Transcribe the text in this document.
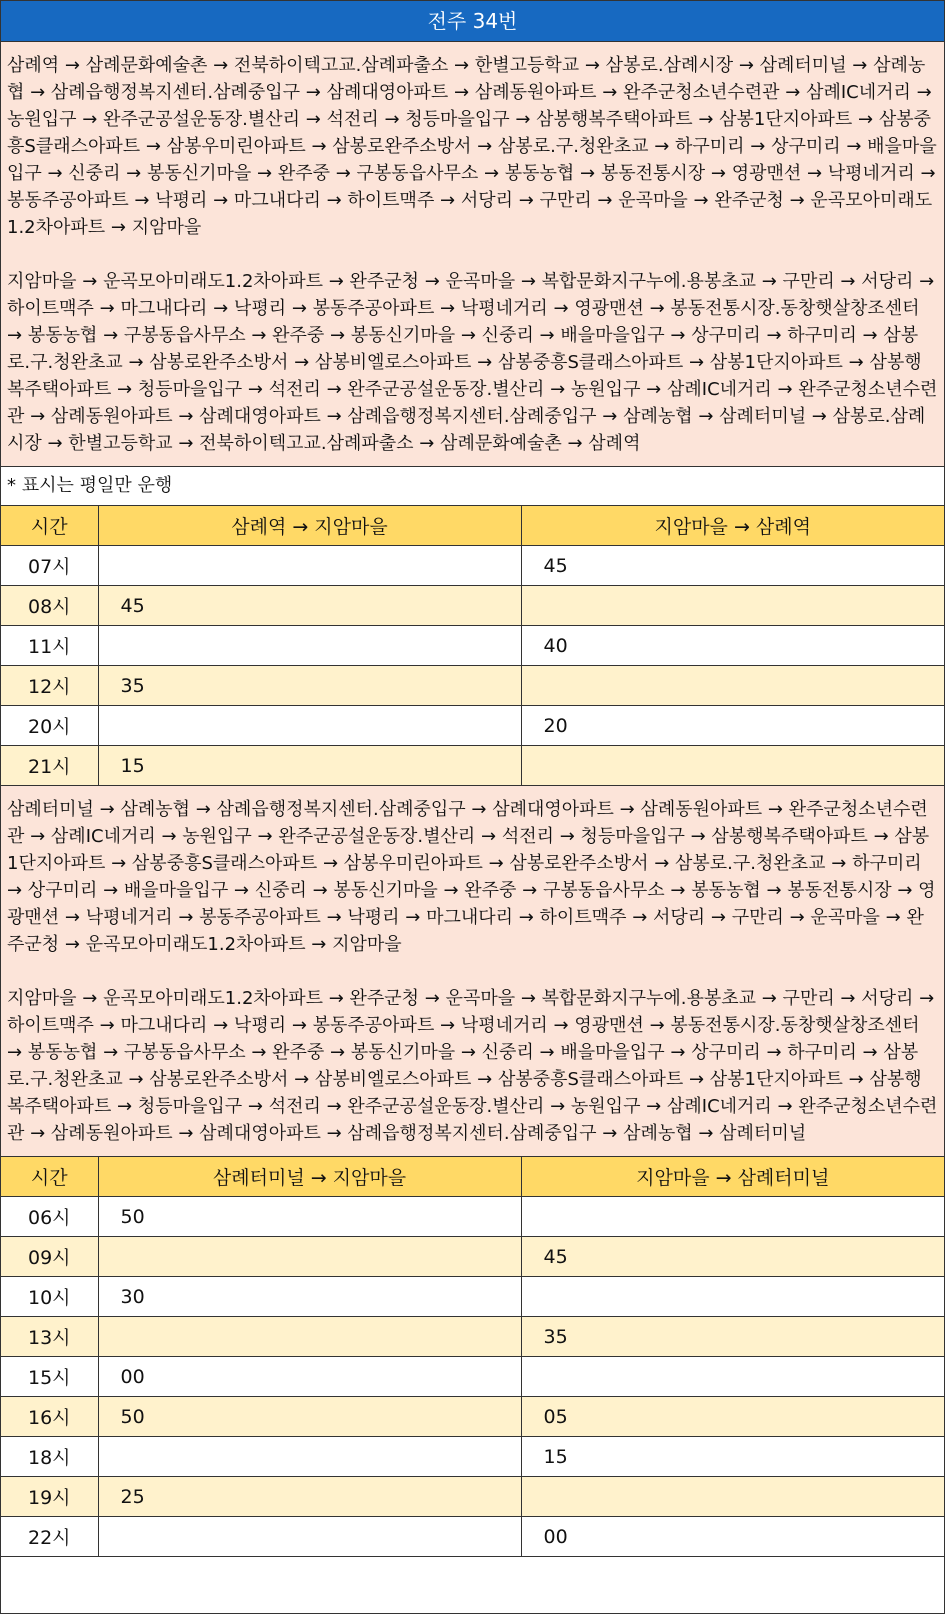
전주 34번

삼례역 → 삼례문화예술촌 → 전북하이텍고교.삼례파출소 → 한별고등학교 → 삼봉로.삼례시장 → 삼례터미널 → 삼례농협 → 삼례읍행정복지센터.삼례중입구 → 삼례대영아파트 → 삼례동원아파트 → 완주군청소년수련관 → 삼례IC네거리 → 농원입구 → 완주군공설운동장.별산리 → 석전리 → 청등마을입구 → 삼봉행복주택아파트 → 삼봉1단지아파트 → 삼봉중흥S클래스아파트 → 삼봉우미린아파트 → 삼봉로완주소방서 → 삼봉로.구.청완초교 → 하구미리 → 상구미리 → 배을마을입구 → 신중리 → 봉동신기마을 → 완주중 → 구봉동읍사무소 → 봉동농협 → 봉동전통시장 → 영광맨션 → 낙평네거리 → 봉동주공아파트 → 낙평리 → 마그내다리 → 하이트맥주 → 서당리 → 구만리 → 운곡마을 → 완주군청 → 운곡모아미래도1.2차아파트 → 지암마을

지암마을 → 운곡모아미래도1.2차아파트 → 완주군청 → 운곡마을 → 복합문화지구누에.용봉초교 → 구만리 → 서당리 → 하이트맥주 → 마그내다리 → 낙평리 → 봉동주공아파트 → 낙평네거리 → 영광맨션 → 봉동전통시장.동창햇살창조센터 → 봉동농협 → 구봉동읍사무소 → 완주중 → 봉동신기마을 → 신중리 → 배을마을입구 → 상구미리 → 하구미리 → 삼봉로.구.청완초교 → 삼봉로완주소방서 → 삼봉비엘로스아파트 → 삼봉중흥S클래스아파트 → 삼봉1단지아파트 → 삼봉행복주택아파트 → 청등마을입구 → 석전리 → 완주군공설운동장.별산리 → 농원입구 → 삼례IC네거리 → 완주군청소년수련관 → 삼례동원아파트 → 삼례대영아파트 → 삼례읍행정복지센터.삼례중입구 → 삼례농협 → 삼례터미널 → 삼봉로.삼례시장 → 한별고등학교 → 전북하이텍고교.삼례파출소 → 삼례문화예술촌 → 삼례역

* 표시는 평일만 운행
시간	삼례역 → 지암마을	지암마을 → 삼례역
07시		45
08시	45	
11시		40
12시	35	
20시		20
21시	15	

삼례터미널 → 삼례농협 → 삼례읍행정복지센터.삼례중입구 → 삼례대영아파트 → 삼례동원아파트 → 완주군청소년수련관 → 삼례IC네거리 → 농원입구 → 완주군공설운동장.별산리 → 석전리 → 청등마을입구 → 삼봉행복주택아파트 → 삼봉1단지아파트 → 삼봉중흥S클래스아파트 → 삼봉우미린아파트 → 삼봉로완주소방서 → 삼봉로.구.청완초교 → 하구미리 → 상구미리 → 배을마을입구 → 신중리 → 봉동신기마을 → 완주중 → 구봉동읍사무소 → 봉동농협 → 봉동전통시장 → 영광맨션 → 낙평네거리 → 봉동주공아파트 → 낙평리 → 마그내다리 → 하이트맥주 → 서당리 → 구만리 → 운곡마을 → 완주군청 → 운곡모아미래도1.2차아파트 → 지암마을

지암마을 → 운곡모아미래도1.2차아파트 → 완주군청 → 운곡마을 → 복합문화지구누에.용봉초교 → 구만리 → 서당리 → 하이트맥주 → 마그내다리 → 낙평리 → 봉동주공아파트 → 낙평네거리 → 영광맨션 → 봉동전통시장.동창햇살창조센터 → 봉동농협 → 구봉동읍사무소 → 완주중 → 봉동신기마을 → 신중리 → 배을마을입구 → 상구미리 → 하구미리 → 삼봉로.구.청완초교 → 삼봉로완주소방서 → 삼봉비엘로스아파트 → 삼봉중흥S클래스아파트 → 삼봉1단지아파트 → 삼봉행복주택아파트 → 청등마을입구 → 석전리 → 완주군공설운동장.별산리 → 농원입구 → 삼례IC네거리 → 완주군청소년수련관 → 삼례동원아파트 → 삼례대영아파트 → 삼례읍행정복지센터.삼례중입구 → 삼례농협 → 삼례터미널

시간	삼례터미널 → 지암마을	지암마을 → 삼례터미널
06시	50	
09시		45
10시	30	
13시		35
15시	00	
16시	50	05
18시		15
19시	25	
22시		00
